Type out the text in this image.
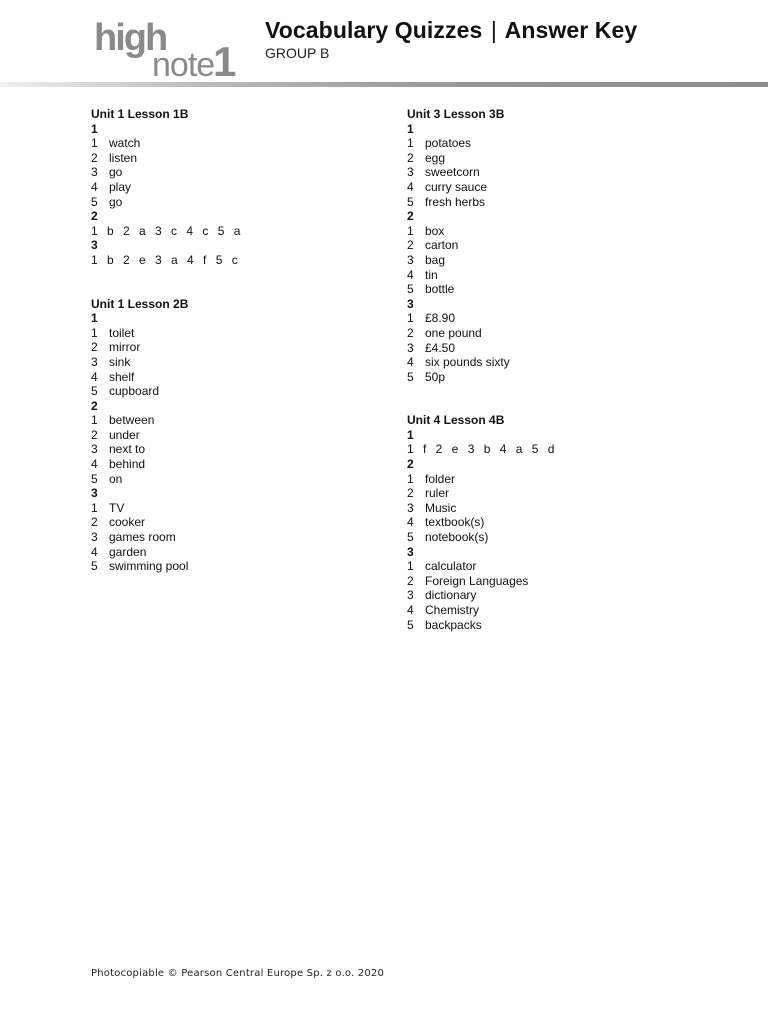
high
note
1
Vocabulary Quizzes | Answer Key
GROUP B
Unit 1 Lesson 1B
1
1 watch
2 listen
3 go
4 play
5 go
2
1 b 2 a 3 c 4 c 5 a
3
1 b 2 e 3 a 4 f 5 c
Unit 1 Lesson 2B
1
1 toilet
2 mirror
3 sink
4 shelf
5 cupboard
2
1 between
2 under
3 next to
4 behind
5 on
3
1 TV
2 cooker
3 games room
4 garden
5 swimming pool
Unit 3 Lesson 3B
1
1 potatoes
2 egg
3 sweetcorn
4 curry sauce
5 fresh herbs
2
1 box
2 carton
3 bag
4 tin
5 bottle
3
1 £8.90
2 one pound
3 £4.50
4 six pounds sixty
5 50p
Unit 4 Lesson 4B
1
1 f 2 e 3 b 4 a 5 d
2
1 folder
2 ruler
3 Music
4 textbook(s)
5 notebook(s)
3
1 calculator
2 Foreign Languages
3 dictionary
4 Chemistry
5 backpacks
Photocopiable © Pearson Central Europe Sp. z o.o. 2020
